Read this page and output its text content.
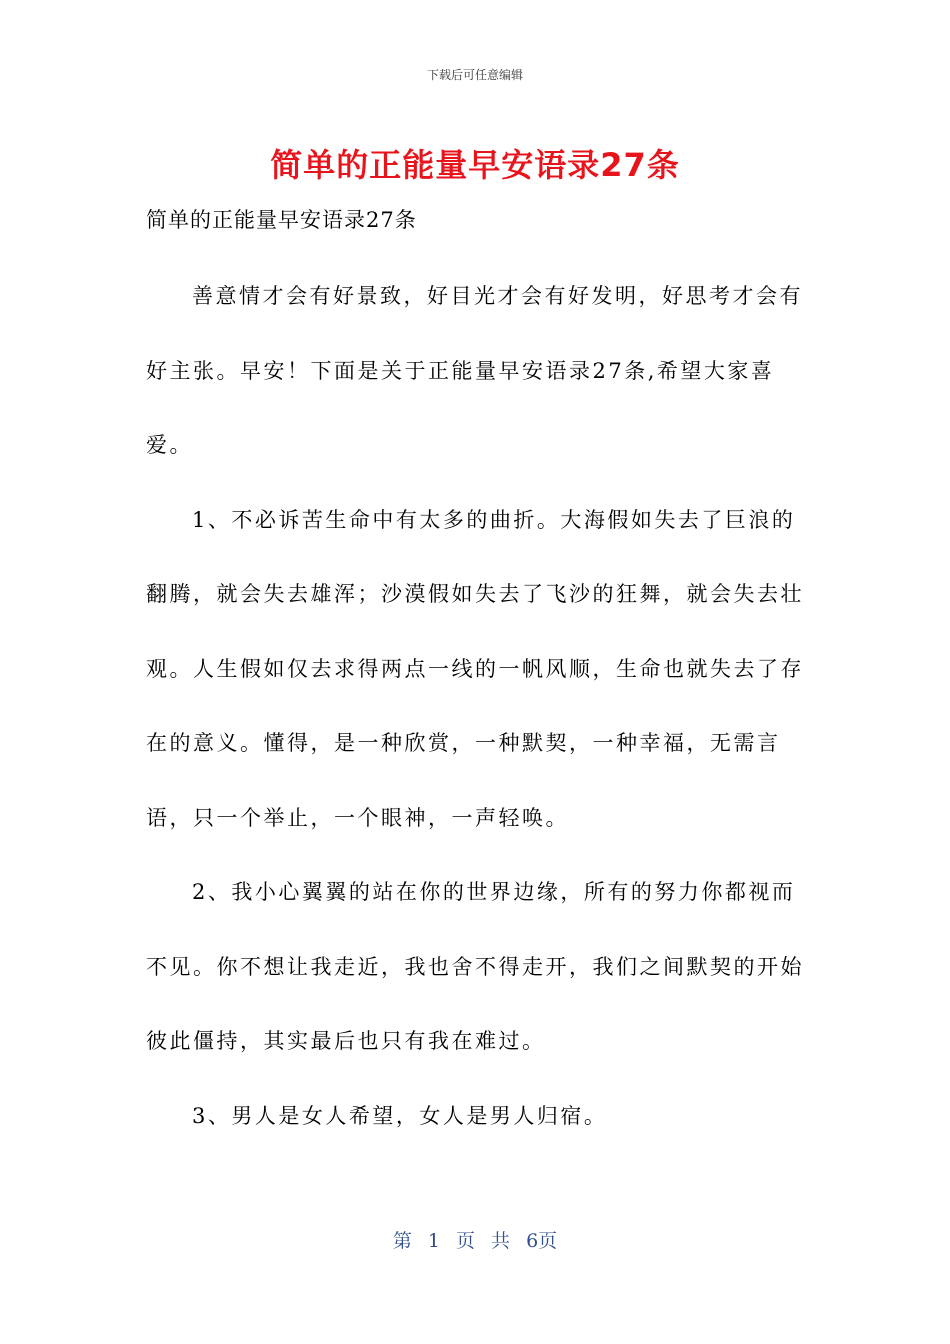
下载后可任意编辑
简单的正能量早安语录27条
简单的正能量早安语录27条

善意情才会有好景致，好目光才会有好发明，好思考才会有好主张。早安！下面是关于正能量早安语录27条,希望大家喜爱。

1、不必诉苦生命中有太多的曲折。大海假如失去了巨浪的翻腾，就会失去雄浑；沙漠假如失去了飞沙的狂舞，就会失去壮观。人生假如仅去求得两点一线的一帆风顺，生命也就失去了存在的意义。懂得，是一种欣赏，一种默契，一种幸福，无需言语，只一个举止，一个眼神，一声轻唤。

2、我小心翼翼的站在你的世界边缘，所有的努力你都视而不见。你不想让我走近，我也舍不得走开，我们之间默契的开始彼此僵持，其实最后也只有我在难过。

3、男人是女人希望，女人是男人归宿。

第 1 页 共 6页
